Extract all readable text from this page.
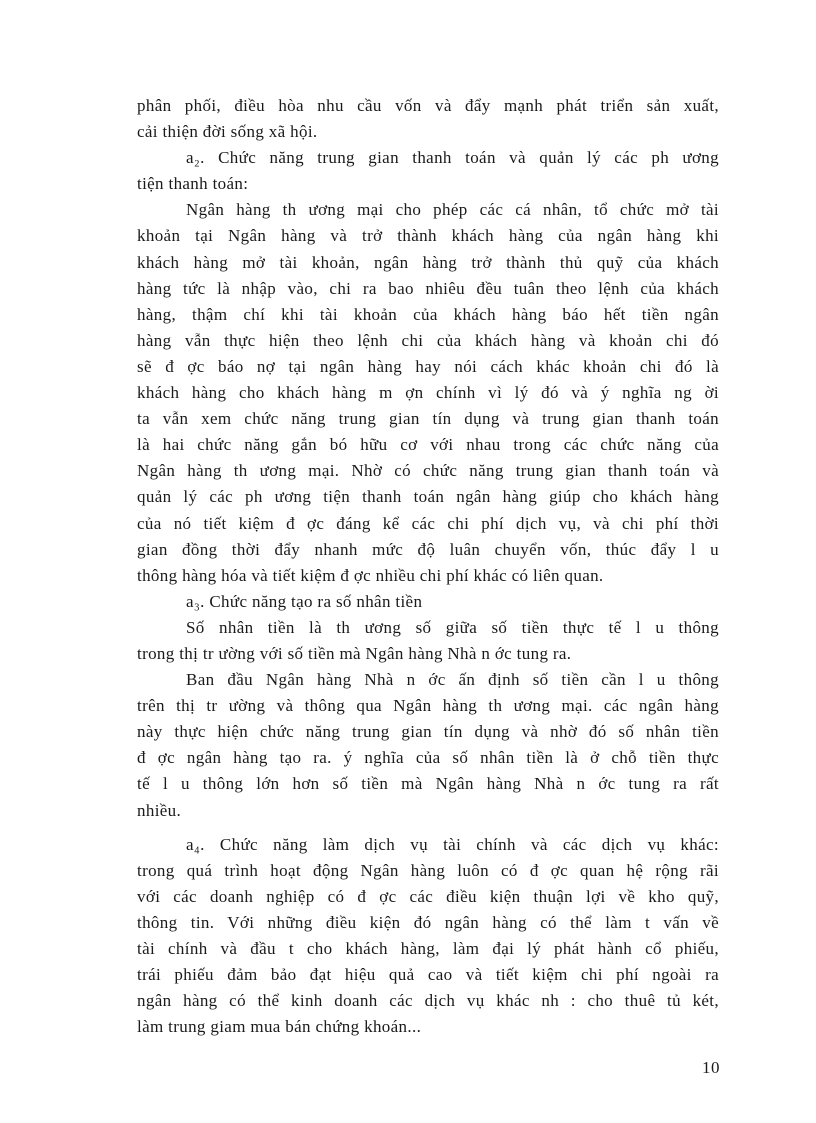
phân phối, điều hòa nhu cầu vốn và đẩy mạnh phát triển sản xuất,
cải thiện đời sống xã hội.
a₂. Chức năng trung gian thanh toán và quản lý các ph ương
tiện thanh toán:
Ngân hàng th ương mại cho phép các cá nhân, tổ chức mở tài
khoản tại Ngân hàng và trở thành khách hàng của ngân hàng khi
khách hàng mở tài khoản, ngân hàng trở thành thủ quỹ của khách
hàng tức là nhập vào, chi ra bao nhiêu đều tuân theo lệnh của khách
hàng, thậm chí khi tài khoản của khách hàng báo hết tiền ngân
hàng vẫn thực hiện theo lệnh chi của khách hàng và khoản chi đó
sẽ đ ợc báo nợ tại ngân hàng hay nói cách khác khoản chi đó là
khách hàng cho khách hàng m ợn chính vì lý đó và ý nghĩa ng ời
ta vẫn xem chức năng trung gian tín dụng và trung gian thanh toán
là hai chức năng gắn bó hữu cơ với nhau trong các chức năng của
Ngân hàng th ương mại. Nhờ có chức năng trung gian thanh toán và
quản lý các ph ương tiện thanh toán ngân hàng giúp cho khách hàng
của nó tiết kiệm đ ợc đáng kể các chi phí dịch vụ, và chi phí thời
gian đồng thời đẩy nhanh mức độ luân chuyển vốn, thúc đẩy l u
thông hàng hóa và tiết kiệm đ ợc nhiều chi phí khác có liên quan.
a₃. Chức năng tạo ra số nhân tiền
Số nhân tiền là th ương số giữa số tiền thực tế l u thông
trong thị tr ường với số tiền mà Ngân hàng Nhà n ớc tung ra.
Ban đầu Ngân hàng Nhà n ớc ấn định số tiền cần l u thông
trên thị tr ường và thông qua Ngân hàng th ương mại. các ngân hàng
này thực hiện chức năng trung gian tín dụng và nhờ đó số nhân tiền
đ ợc ngân hàng tạo ra. ý nghĩa của số nhân tiền là ở chỗ tiền thực
tế l u thông lớn hơn số tiền mà Ngân hàng Nhà n ớc tung ra rất
nhiều.
a₄. Chức năng làm dịch vụ tài chính và các dịch vụ khác:
trong quá trình hoạt động Ngân hàng luôn có đ ợc quan hệ rộng rãi
với các doanh nghiệp có đ ợc các điều kiện thuận lợi về kho quỹ,
thông tin. Với những điều kiện đó ngân hàng có thể làm t vấn về
tài chính và đầu t cho khách hàng, làm đại lý phát hành cổ phiếu,
trái phiếu đảm bảo đạt hiệu quả cao và tiết kiệm chi phí ngoài ra
ngân hàng có thể kinh doanh các dịch vụ khác nh : cho thuê tủ két,
làm trung giam mua bán chứng khoán...
10
